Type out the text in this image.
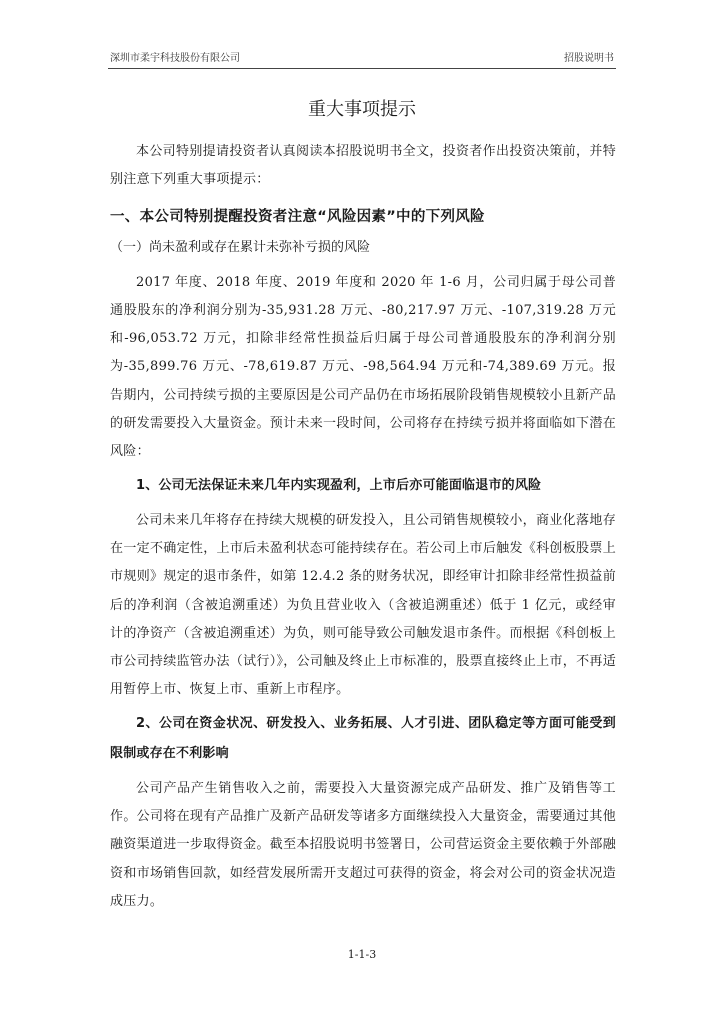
深圳市柔宇科技股份有限公司	招股说明书
重大事项提示

本公司特别提请投资者认真阅读本招股说明书全文，投资者作出投资决策前，并特别注意下列重大事项提示：

一、本公司特别提醒投资者注意“风险因素”中的下列风险
（一）尚未盈利或存在累计未弥补亏损的风险

2017 年度、2018 年度、2019 年度和 2020 年 1-6 月，公司归属于母公司普通股股东的净利润分别为-35,931.28 万元、-80,217.97 万元、-107,319.28 万元和-96,053.72 万元，扣除非经常性损益后归属于母公司普通股股东的净利润分别为-35,899.76 万元、-78,619.87 万元、-98,564.94 万元和-74,389.69 万元。报告期内，公司持续亏损的主要原因是公司产品仍在市场拓展阶段销售规模较小且新产品的研发需要投入大量资金。预计未来一段时间，公司将存在持续亏损并将面临如下潜在风险：

1、公司无法保证未来几年内实现盈利，上市后亦可能面临退市的风险

公司未来几年将存在持续大规模的研发投入，且公司销售规模较小，商业化落地存在一定不确定性，上市后未盈利状态可能持续存在。若公司上市后触发《科创板股票上市规则》规定的退市条件，如第 12.4.2 条的财务状况，即经审计扣除非经常性损益前后的净利润（含被追溯重述）为负且营业收入（含被追溯重述）低于 1 亿元，或经审计的净资产（含被追溯重述）为负，则可能导致公司触发退市条件。而根据《科创板上市公司持续监管办法（试行）》，公司触及终止上市标准的，股票直接终止上市，不再适用暂停上市、恢复上市、重新上市程序。

2、公司在资金状况、研发投入、业务拓展、人才引进、团队稳定等方面可能受到限制或存在不利影响

公司产品产生销售收入之前，需要投入大量资源完成产品研发、推广及销售等工作。公司将在现有产品推广及新产品研发等诸多方面继续投入大量资金，需要通过其他融资渠道进一步取得资金。截至本招股说明书签署日，公司营运资金主要依赖于外部融资和市场销售回款，如经营发展所需开支超过可获得的资金，将会对公司的资金状况造成压力。

1-1-3
